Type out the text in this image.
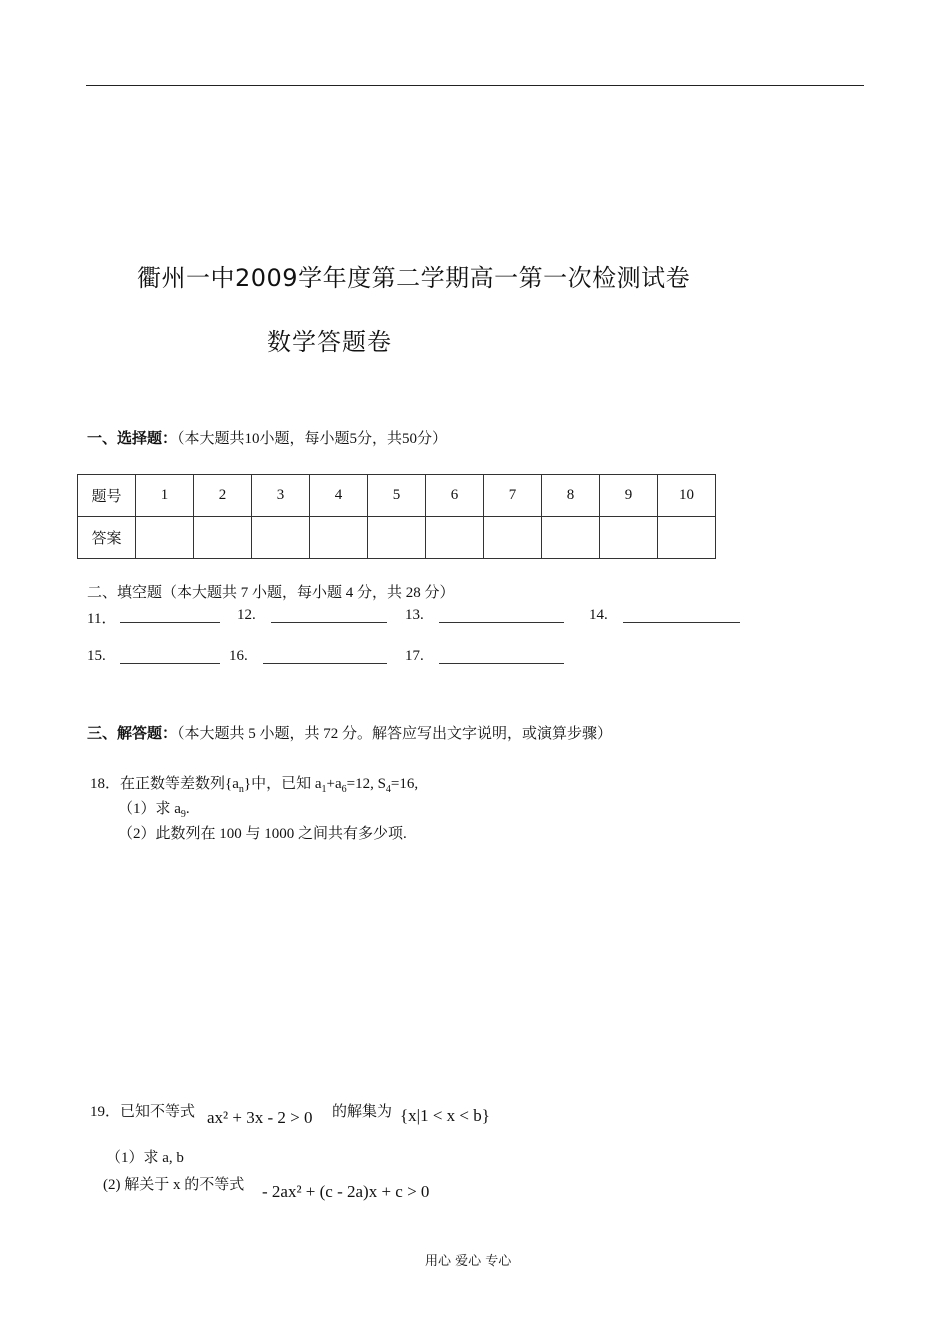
衢州一中2009学年度第二学期高一第一次检测试卷
数学答题卷
一、选择题：（本大题共10小题，每小题5分，共50分）
题号	1	2	3	4	5	6	7	8	9	10
答案										
二、填空题（本大题共 7 小题，每小题 4 分，共 28 分）
11．	12.	13.	14.
15.	16.	17.
三、解答题：（本大题共 5 小题，共 72 分。解答应写出文字说明，或演算步骤）
18．在正数等差数列$\{a_n\}$中，已知 $a_1+a_6=12$, $S_4=16$,
（1）求 $a_9$.
（2）此数列在 100 与 1000 之间共有多少项.
19．已知不等式 ax² + 3x - 2 > 0 的解集为 {x|1 < x < b}
（1）求 a, b
(2) 解关于 x 的不等式 - 2ax² + (c - 2a)x + c > 0
用心 爱心 专心
